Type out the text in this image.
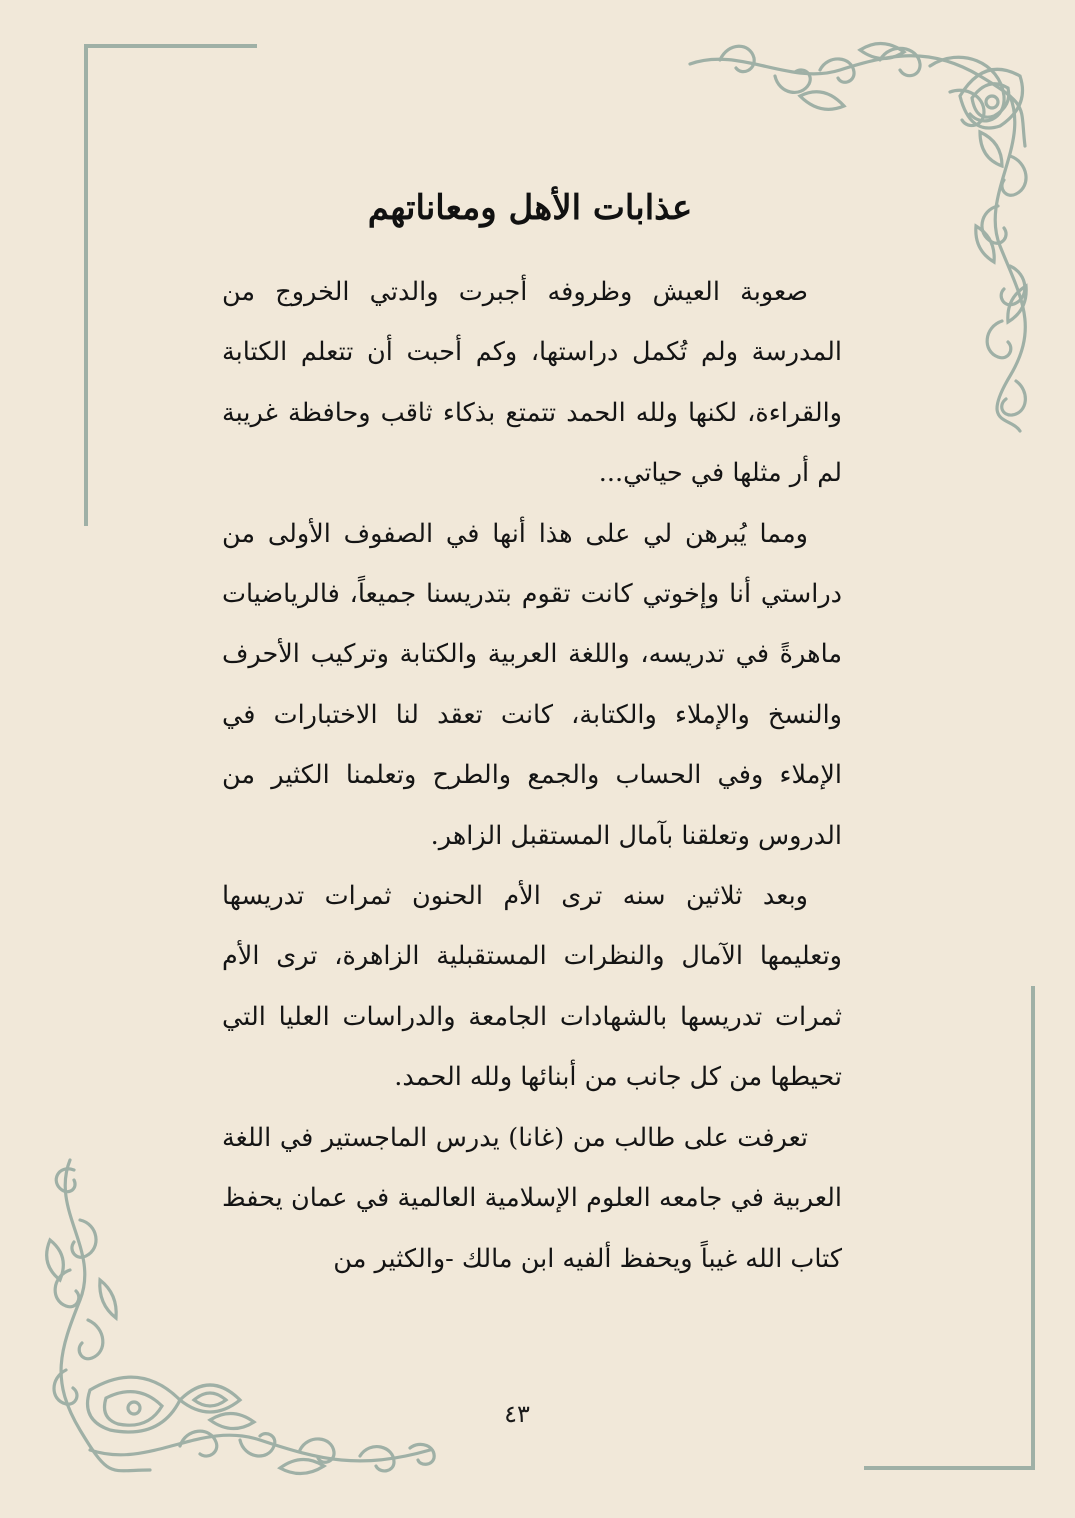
عذابات الأهل ومعاناتهم

صعوبة العيش وظروفه أجبرت والدتي الخروج من المدرسة ولم تُكمل دراستها، وكم أحبت أن تتعلم الكتابة والقراءة، لكنها ولله الحمد تتمتع بذكاء ثاقب وحافظة غريبة لم أر مثلها في حياتي...

ومما يُبرهن لي على هذا أنها في الصفوف الأولى من دراستي أنا وإخوتي كانت تقوم بتدريسنا جميعاً، فالرياضيات ماهرةً في تدريسه، واللغة العربية والكتابة وتركيب الأحرف والنسخ والإملاء والكتابة، كانت تعقد لنا الاختبارات في الإملاء وفي الحساب والجمع والطرح وتعلمنا الكثير من الدروس وتعلقنا بآمال المستقبل الزاهر.

وبعد ثلاثين سنه ترى الأم الحنون ثمرات تدريسها وتعليمها الآمال والنظرات المستقبلية الزاهرة، ترى الأم ثمرات تدريسها بالشهادات الجامعة والدراسات العليا التي تحيطها من كل جانب من أبنائها ولله الحمد.

تعرفت على طالب من (غانا) يدرس الماجستير في اللغة العربية في جامعه العلوم الإسلامية العالمية في عمان يحفظ كتاب الله غيباً ويحفظ ألفيه ابن مالك -والكثير من

٤٣
